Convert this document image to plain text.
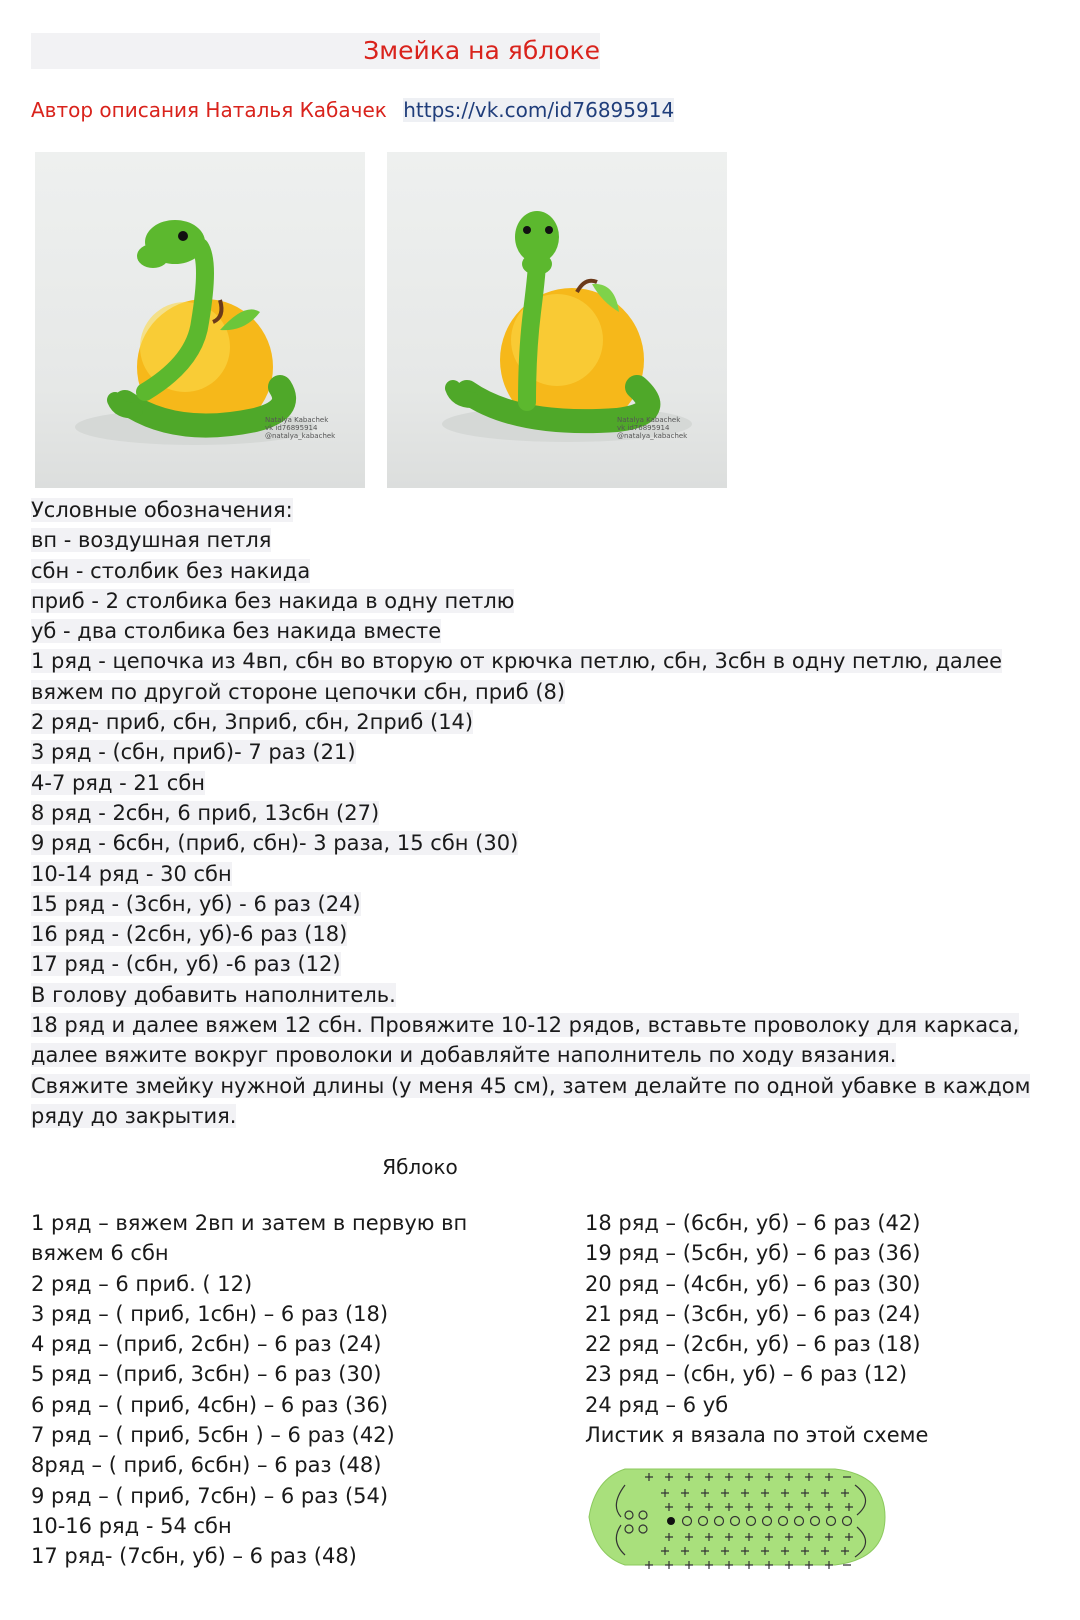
Змейка на яблоке
Автор описания Наталья Кабачек https://vk.com/id76895914
Natalya Kabachek
vk id76895914
@natalya_kabachek
Natalya Kabachek
vk id76895914
@natalya_kabachek
Условные обозначения:
вп - воздушная петля
сбн - столбик без накида
приб - 2 столбика без накида в одну петлю
уб - два столбика без накида вместе
1 ряд - цепочка из 4вп, сбн во вторую от крючка петлю, сбн, 3сбн в одну петлю, далее
вяжем по другой стороне цепочки сбн, приб (8)
2 ряд- приб, сбн, 3приб, сбн, 2приб (14)
3 ряд - (сбн, приб)- 7 раз (21)
4-7 ряд - 21 сбн
8 ряд - 2сбн, 6 приб, 13сбн (27)
9 ряд - 6сбн, (приб, сбн)- 3 раза, 15 сбн (30)
10-14 ряд - 30 сбн
15 ряд - (3сбн, уб) - 6 раз (24)
16 ряд - (2сбн, уб)-6 раз (18)
17 ряд - (сбн, уб) -6 раз (12)
В голову добавить наполнитель.
18 ряд и далее вяжем 12 сбн. Провяжите 10-12 рядов, вставьте проволоку для каркаса,
далее вяжите вокруг проволоки и добавляйте наполнитель по ходу вязания.
Свяжите змейку нужной длины (у меня 45 см), затем делайте по одной убавке в каждом
ряду до закрытия.
Яблоко
1 ряд – вяжем 2вп и затем в первую вп
вяжем 6 сбн
2 ряд – 6 приб. ( 12)
3 ряд – ( приб, 1сбн) – 6 раз (18)
4 ряд – (приб, 2сбн) – 6 раз (24)
5 ряд – (приб, 3сбн) – 6 раз (30)
6 ряд – ( приб, 4сбн) – 6 раз (36)
7 ряд – ( приб, 5сбн ) – 6 раз (42)
8ряд – ( приб, 6сбн) – 6 раз (48)
9 ряд – ( приб, 7сбн) – 6 раз (54)
10-16 ряд - 54 сбн
17 ряд- (7сбн, уб) – 6 раз (48)
18 ряд – (6сбн, уб) – 6 раз (42)
19 ряд – (5сбн, уб) – 6 раз (36)
20 ряд – (4сбн, уб) – 6 раз (30)
21 ряд – (3сбн, уб) – 6 раз (24)
22 ряд – (2сбн, уб) – 6 раз (18)
23 ряд – (сбн, уб) – 6 раз (12)
24 ряд – 6 уб
Листик я вязала по этой схеме
